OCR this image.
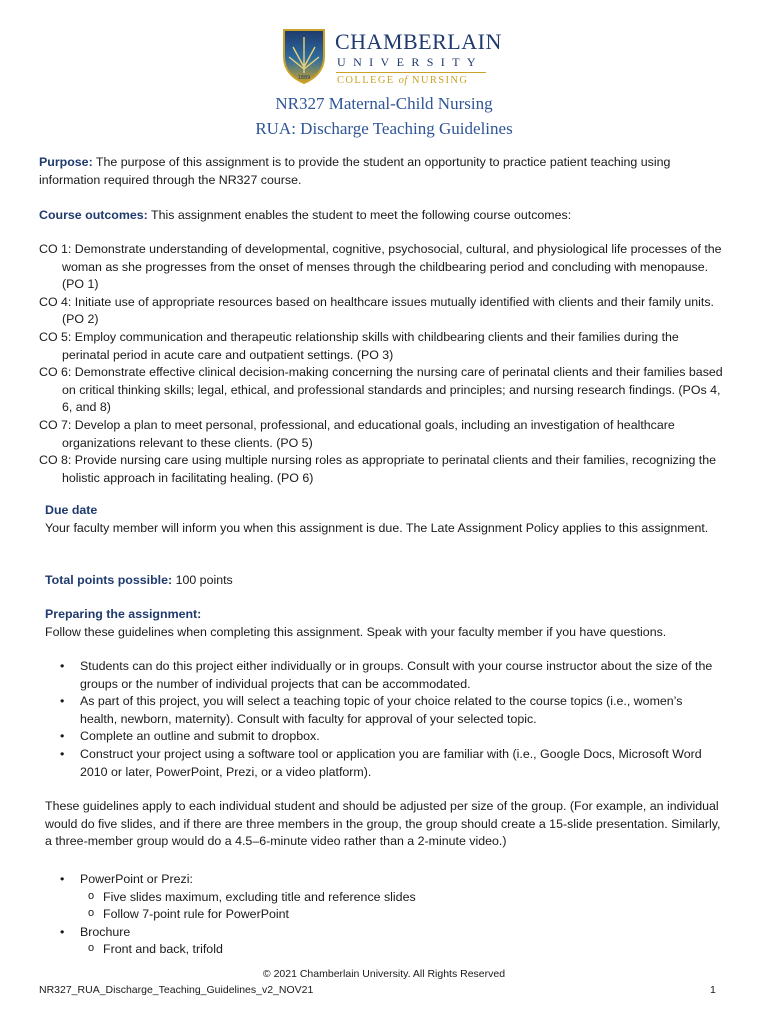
1889
CHAMBERLAIN
UNIVERSITY
COLLEGE of NURSING
NR327 Maternal-Child Nursing
RUA: Discharge Teaching Guidelines
Purpose: The purpose of this assignment is to provide the student an opportunity to practice patient teaching using information required through the NR327 course.
Course outcomes: This assignment enables the student to meet the following course outcomes:
CO 1: Demonstrate understanding of developmental, cognitive, psychosocial, cultural, and physiological life processes of the woman as she progresses from the onset of menses through the childbearing period and concluding with menopause. (PO 1)
CO 4: Initiate use of appropriate resources based on healthcare issues mutually identified with clients and their family units. (PO 2)
CO 5: Employ communication and therapeutic relationship skills with childbearing clients and their families during the perinatal period in acute care and outpatient settings. (PO 3)
CO 6: Demonstrate effective clinical decision-making concerning the nursing care of perinatal clients and their families based on critical thinking skills; legal, ethical, and professional standards and principles; and nursing research findings. (POs 4, 6, and 8)
CO 7: Develop a plan to meet personal, professional, and educational goals, including an investigation of healthcare organizations relevant to these clients. (PO 5)
CO 8: Provide nursing care using multiple nursing roles as appropriate to perinatal clients and their families, recognizing the holistic approach in facilitating healing. (PO 6)
Due date
Your faculty member will inform you when this assignment is due. The Late Assignment Policy applies to this assignment.
Total points possible: 100 points
Preparing the assignment:
Follow these guidelines when completing this assignment. Speak with your faculty member if you have questions.
• Students can do this project either individually or in groups. Consult with your course instructor about the size of the groups or the number of individual projects that can be accommodated.
• As part of this project, you will select a teaching topic of your choice related to the course topics (i.e., women’s health, newborn, maternity). Consult with faculty for approval of your selected topic.
• Complete an outline and submit to dropbox.
• Construct your project using a software tool or application you are familiar with (i.e., Google Docs, Microsoft Word 2010 or later, PowerPoint, Prezi, or a video platform).
These guidelines apply to each individual student and should be adjusted per size of the group. (For example, an individual would do five slides, and if there are three members in the group, the group should create a 15-slide presentation. Similarly, a three-member group would do a 4.5–6-minute video rather than a 2-minute video.)
• PowerPoint or Prezi:
o Five slides maximum, excluding title and reference slides
o Follow 7-point rule for PowerPoint
• Brochure
o Front and back, trifold
© 2021 Chamberlain University. All Rights Reserved
NR327_RUA_Discharge_Teaching_Guidelines_v2_NOV21	1
